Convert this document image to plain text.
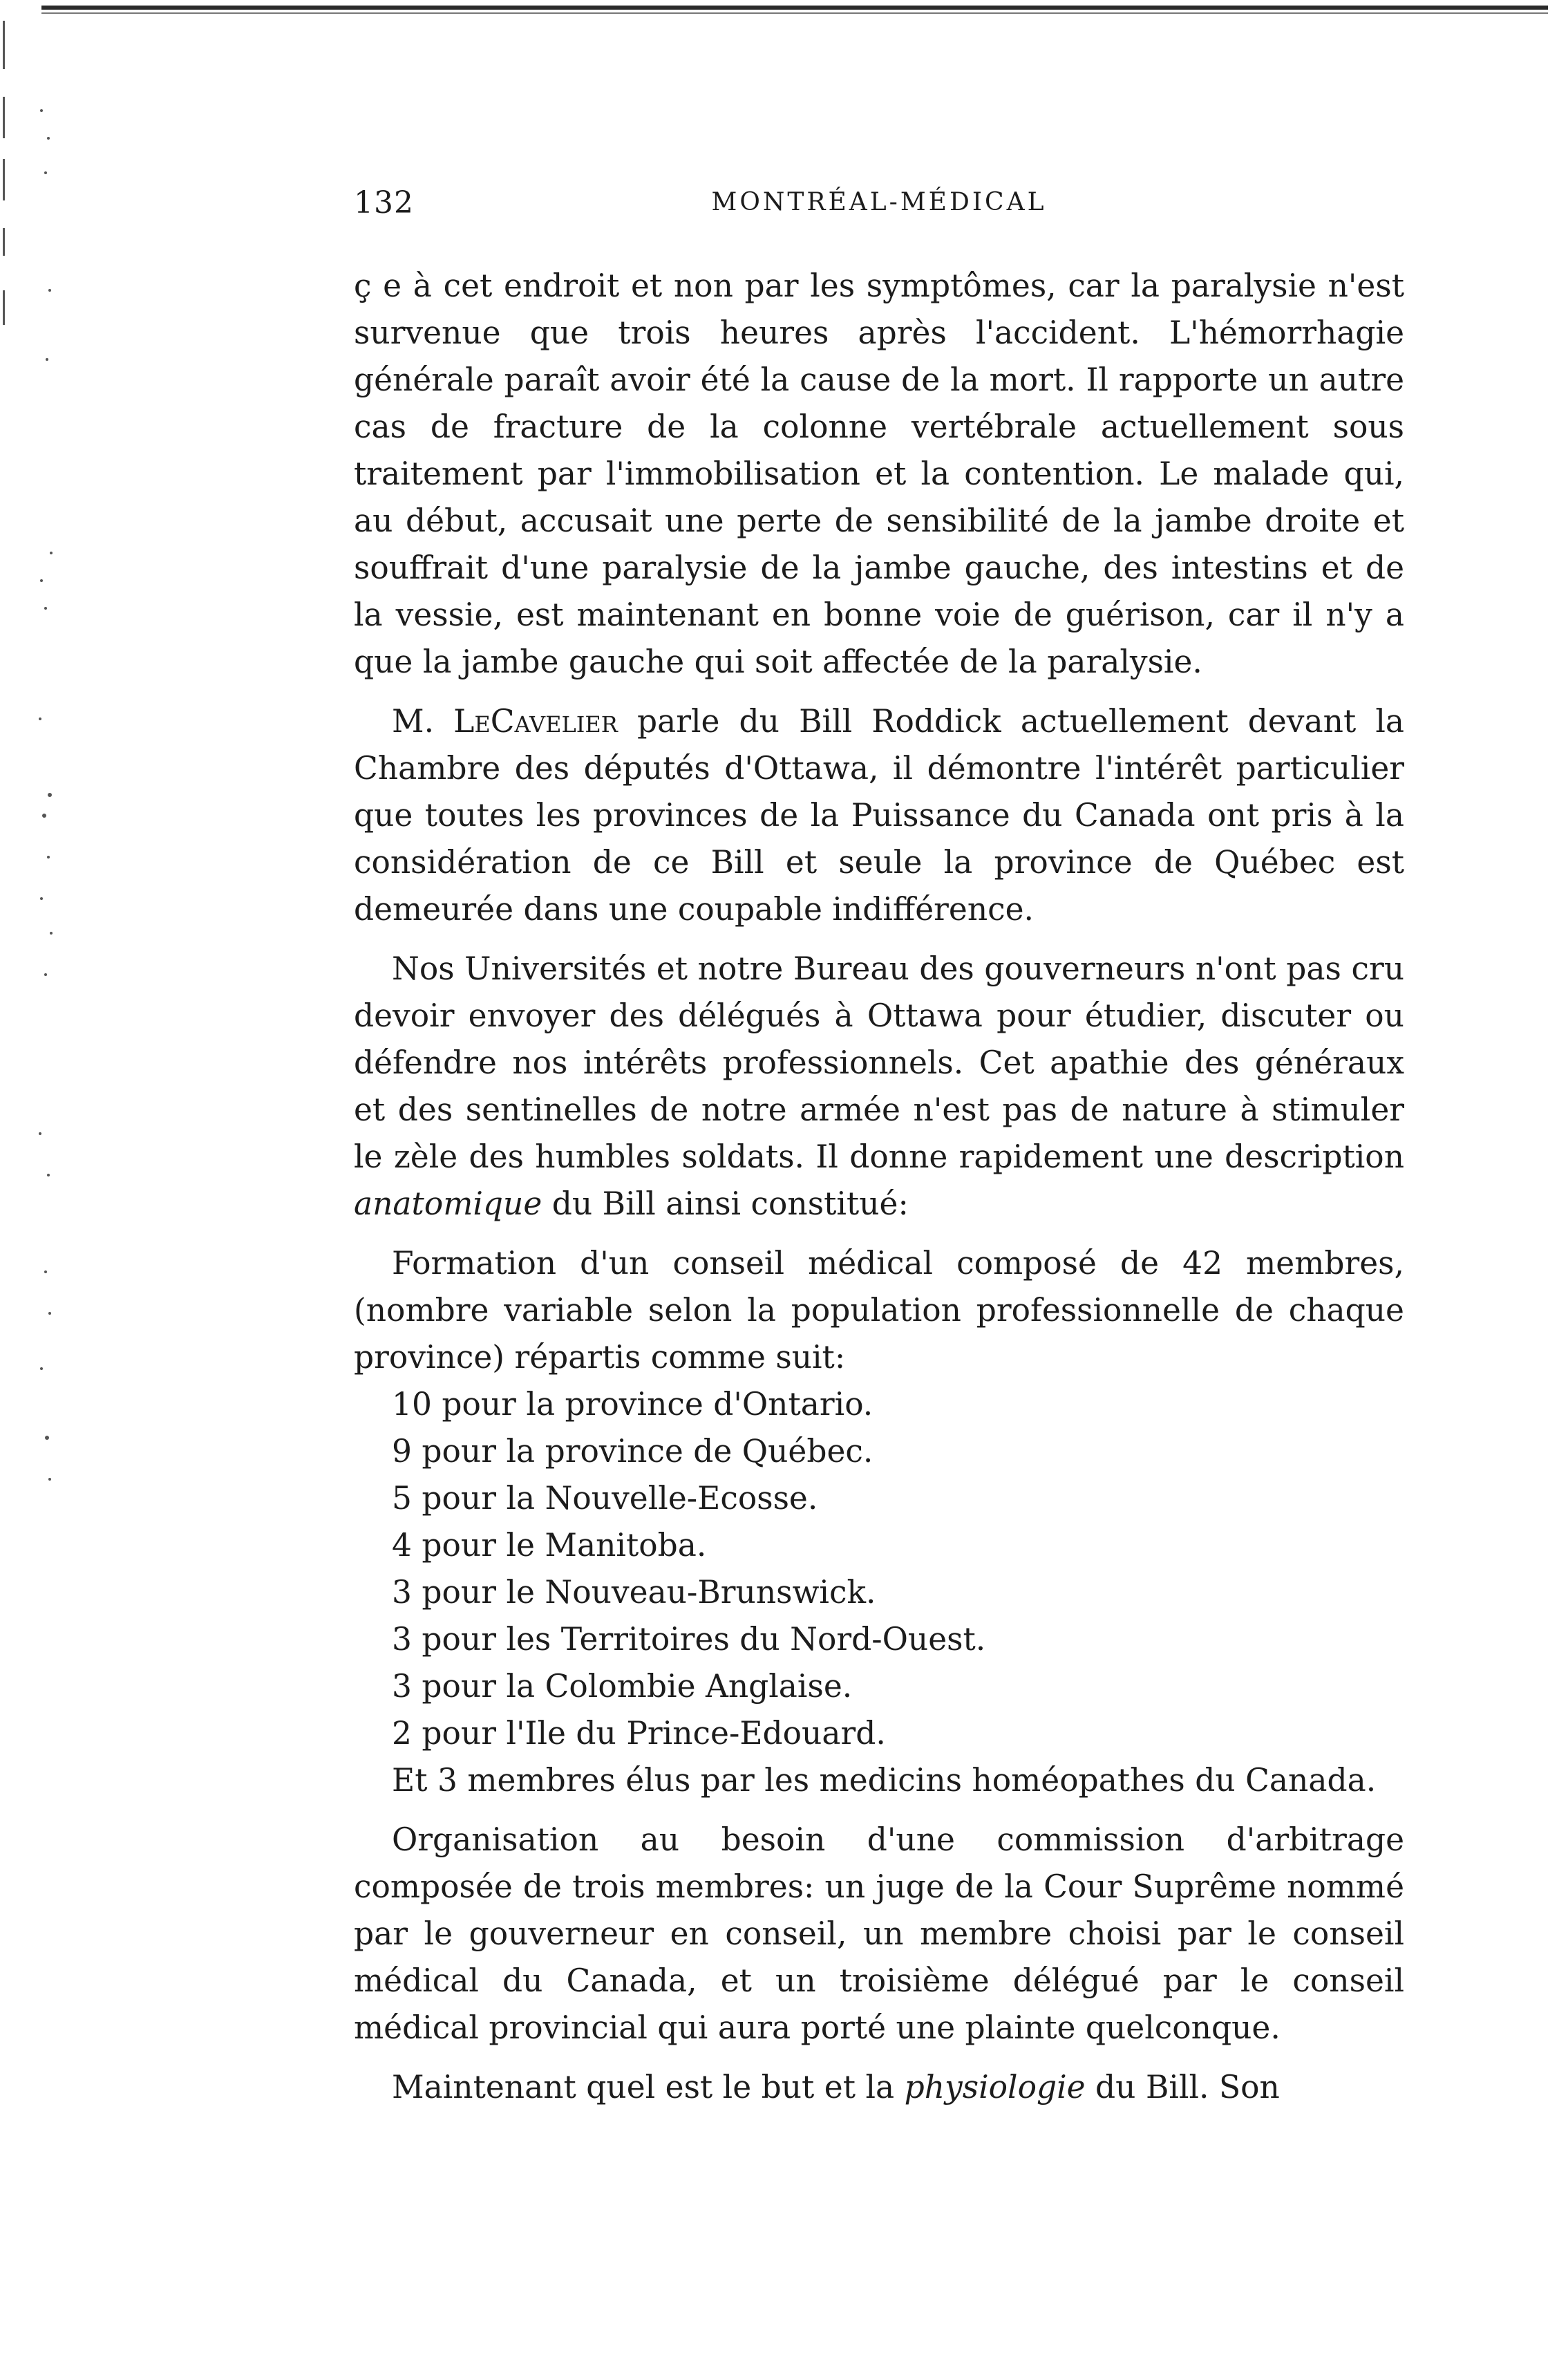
132	MONTRÉAL-MÉDICAL

ç e à cet endroit et non par les symptômes, car la paralysie n'est survenue que trois heures après l'accident. L'hémorrhagie générale paraît avoir été la cause de la mort. Il rapporte un autre cas de fracture de la colonne vertébrale actuellement sous traitement par l'immobilisation et la contention. Le malade qui, au début, accusait une perte de sensibilité de la jambe droite et souffrait d'une paralysie de la jambe gauche, des intestins et de la vessie, est maintenant en bonne voie de guérison, car il n'y a que la jambe gauche qui soit affectée de la paralysie.

M. LeCavelier parle du Bill Roddick actuellement devant la Chambre des députés d'Ottawa, il démontre l'intérêt particulier que toutes les provinces de la Puissance du Canada ont pris à la considération de ce Bill et seule la province de Québec est demeurée dans une coupable indifférence.

Nos Universités et notre Bureau des gouverneurs n'ont pas cru devoir envoyer des délégués à Ottawa pour étudier, discuter ou défendre nos intérêts professionnels. Cet apathie des généraux et des sentinelles de notre armée n'est pas de nature à stimuler le zèle des humbles soldats. Il donne rapidement une description anatomique du Bill ainsi constitué:

Formation d'un conseil médical composé de 42 membres, (nombre variable selon la population professionnelle de chaque province) répartis comme suit:

10 pour la province d'Ontario.
9 pour la province de Québec.
5 pour la Nouvelle-Ecosse.
4 pour le Manitoba.
3 pour le Nouveau-Brunswick.
3 pour les Territoires du Nord-Ouest.
3 pour la Colombie Anglaise.
2 pour l'Ile du Prince-Edouard.

Et 3 membres élus par les medicins homéopathes du Canada.

Organisation au besoin d'une commission d'arbitrage composée de trois membres: un juge de la Cour Suprême nommé par le gouverneur en conseil, un membre choisi par le conseil médical du Canada, et un troisième délégué par le conseil médical provincial qui aura porté une plainte quelconque.

Maintenant quel est le but et la physiologie du Bill. Son
